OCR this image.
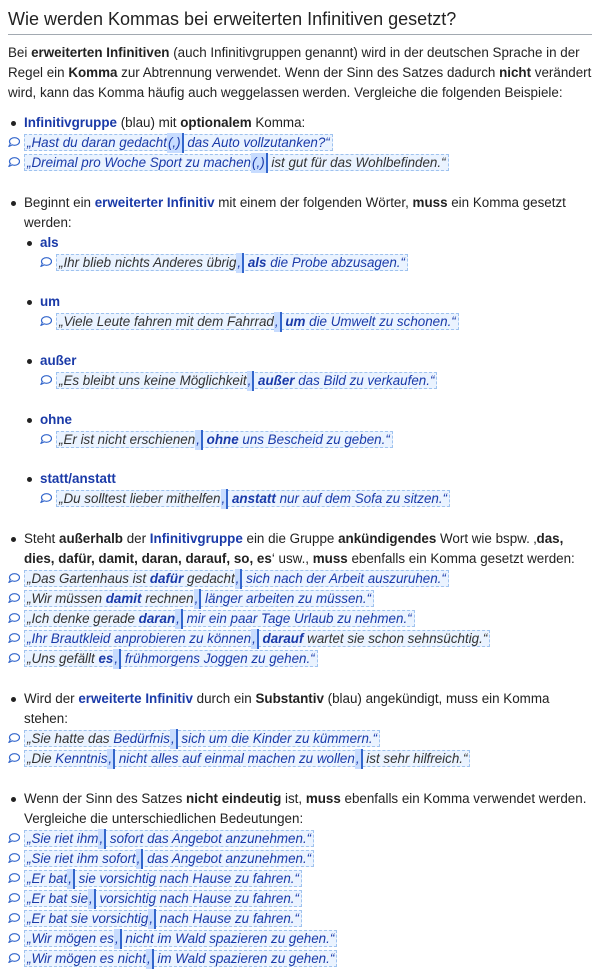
Wie werden Kommas bei erweiterten Infinitiven gesetzt?

Bei erweiterten Infinitiven (auch Infinitivgruppen genannt) wird in der deutschen Sprache in der Regel ein Komma zur Abtrennung verwendet. Wenn der Sinn des Satzes dadurch nicht verändert wird, kann das Komma häufig auch weggelassen werden. Vergleiche die folgenden Beispiele:

Infinitivgruppe (blau) mit optionalem Komma:
„Hast du daran gedacht(,) das Auto vollzutanken?“
„Dreimal pro Woche Sport zu machen(,) ist gut für das Wohlbefinden.“
Beginnt ein erweiterter Infinitiv mit einem der folgenden Wörter, muss ein Komma gesetzt werden:
als
„Ihr blieb nichts Anderes übrig, als die Probe abzusagen.“
um
„Viele Leute fahren mit dem Fahrrad, um die Umwelt zu schonen.“
außer
„Es bleibt uns keine Möglichkeit, außer das Bild zu verkaufen.“
ohne
„Er ist nicht erschienen, ohne uns Bescheid zu geben.“
statt/anstatt
„Du solltest lieber mithelfen, anstatt nur auf dem Sofa zu sitzen.“
Steht außerhalb der Infinitivgruppe ein die Gruppe ankündigendes Wort wie bspw. ‚das, dies, dafür, damit, daran, darauf, so, es‘ usw., muss ebenfalls ein Komma gesetzt werden:
„Das Gartenhaus ist dafür gedacht, sich nach der Arbeit auszuruhen.“
„Wir müssen damit rechnen, länger arbeiten zu müssen.“
„Ich denke gerade daran, mir ein paar Tage Urlaub zu nehmen.“
„Ihr Brautkleid anprobieren zu können, darauf wartet sie schon sehnsüchtig.“
„Uns gefällt es, frühmorgens Joggen zu gehen.“
Wird der erweiterte Infinitiv durch ein Substantiv (blau) angekündigt, muss ein Komma stehen:
„Sie hatte das Bedürfnis, sich um die Kinder zu kümmern.“
„Die Kenntnis, nicht alles auf einmal machen zu wollen, ist sehr hilfreich.“
Wenn der Sinn des Satzes nicht eindeutig ist, muss ebenfalls ein Komma verwendet werden. Vergleiche die unterschiedlichen Bedeutungen:
„Sie riet ihm, sofort das Angebot anzunehmen.“
„Sie riet ihm sofort, das Angebot anzunehmen.“
„Er bat, sie vorsichtig nach Hause zu fahren.“
„Er bat sie, vorsichtig nach Hause zu fahren.“
„Er bat sie vorsichtig, nach Hause zu fahren.“
„Wir mögen es, nicht im Wald spazieren zu gehen.“
„Wir mögen es nicht, im Wald spazieren zu gehen.“
